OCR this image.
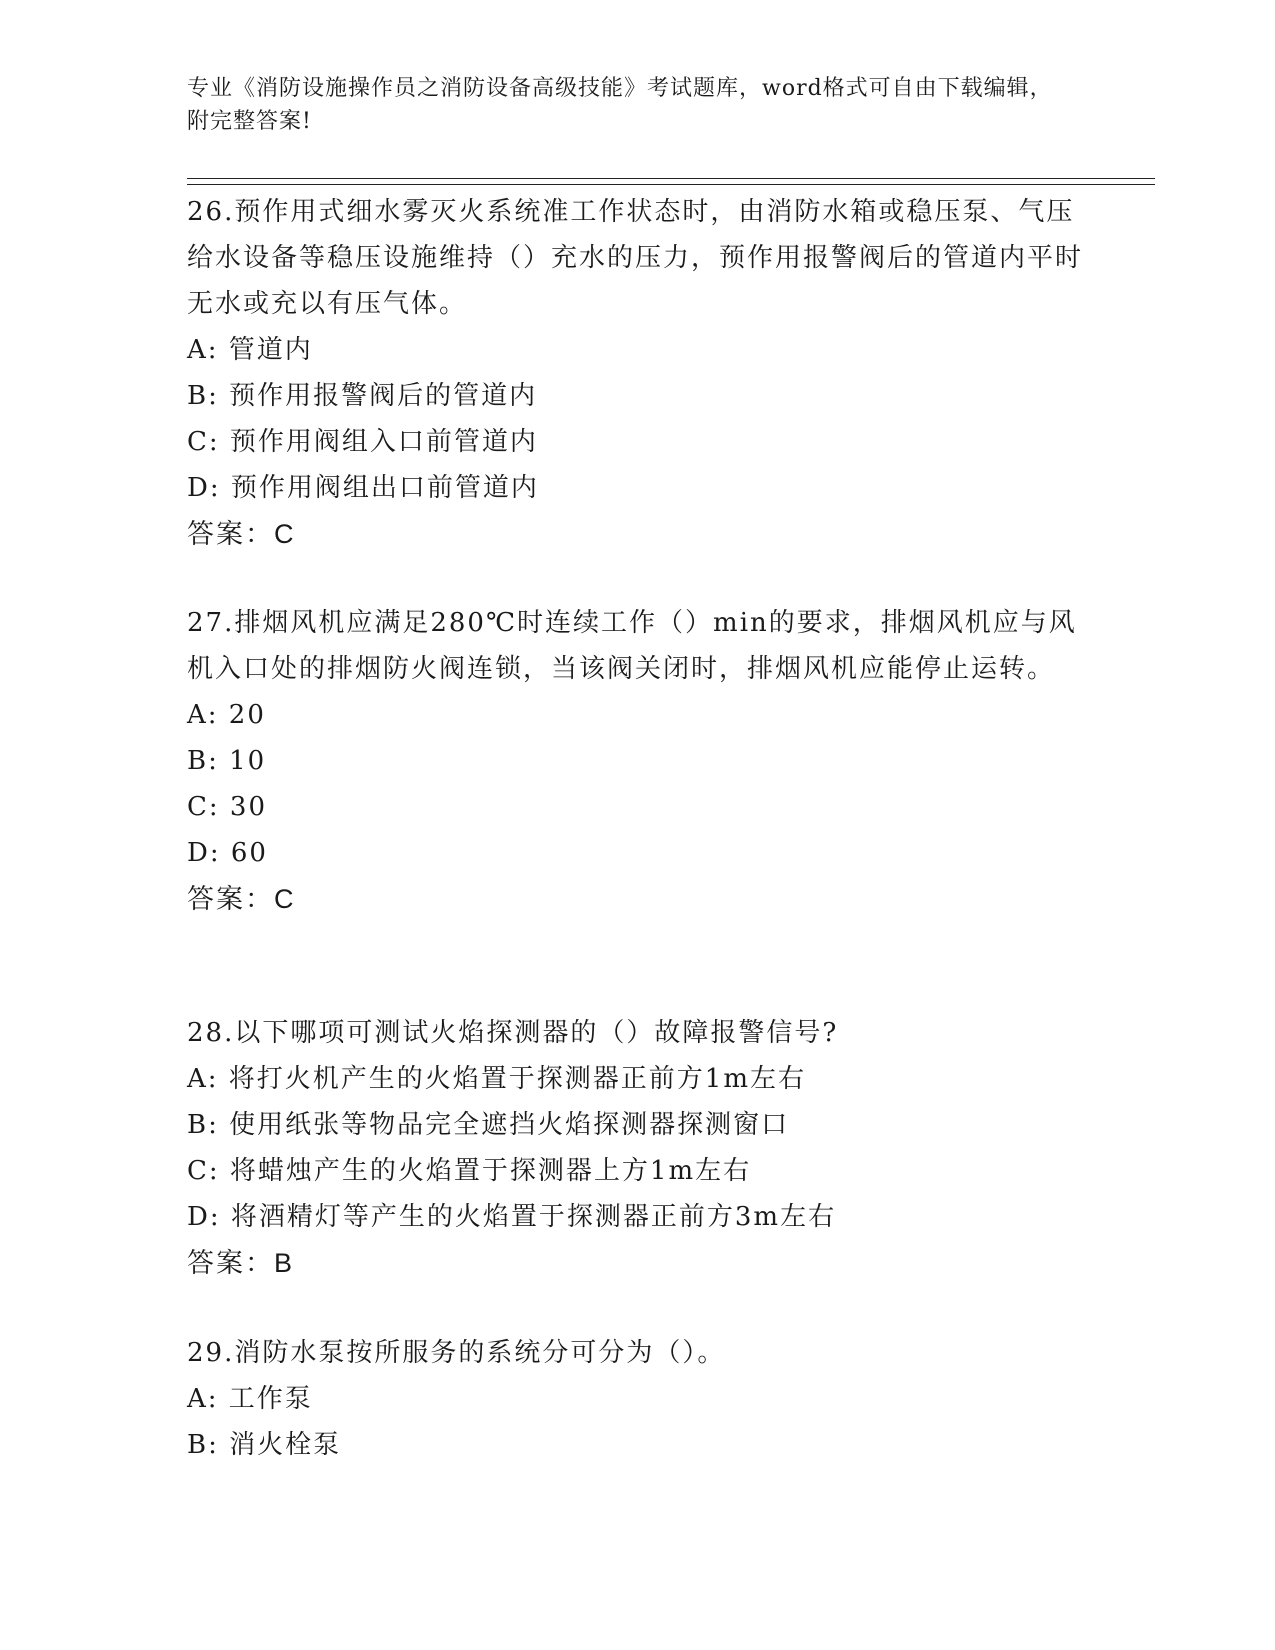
专业《消防设施操作员之消防设备高级技能》考试题库，word格式可自由下载编辑，附完整答案!

26.预作用式细水雾灭火系统准工作状态时，由消防水箱或稳压泵、气压给水设备等稳压设施维持（）充水的压力，预作用报警阀后的管道内平时无水或充以有压气体。

A: 管道内

B: 预作用报警阀后的管道内

C: 预作用阀组入口前管道内

D: 预作用阀组出口前管道内

答案：C

27.排烟风机应满足280℃时连续工作（）min的要求，排烟风机应与风机入口处的排烟防火阀连锁，当该阀关闭时，排烟风机应能停止运转。

A: 20

B: 10

C: 30

D: 60

答案：C

28.以下哪项可测试火焰探测器的（）故障报警信号?

A: 将打火机产生的火焰置于探测器正前方1m左右

B: 使用纸张等物品完全遮挡火焰探测器探测窗口

C: 将蜡烛产生的火焰置于探测器上方1m左右

D: 将酒精灯等产生的火焰置于探测器正前方3m左右

答案：B

29.消防水泵按所服务的系统分可分为（）。

A: 工作泵

B: 消火栓泵
